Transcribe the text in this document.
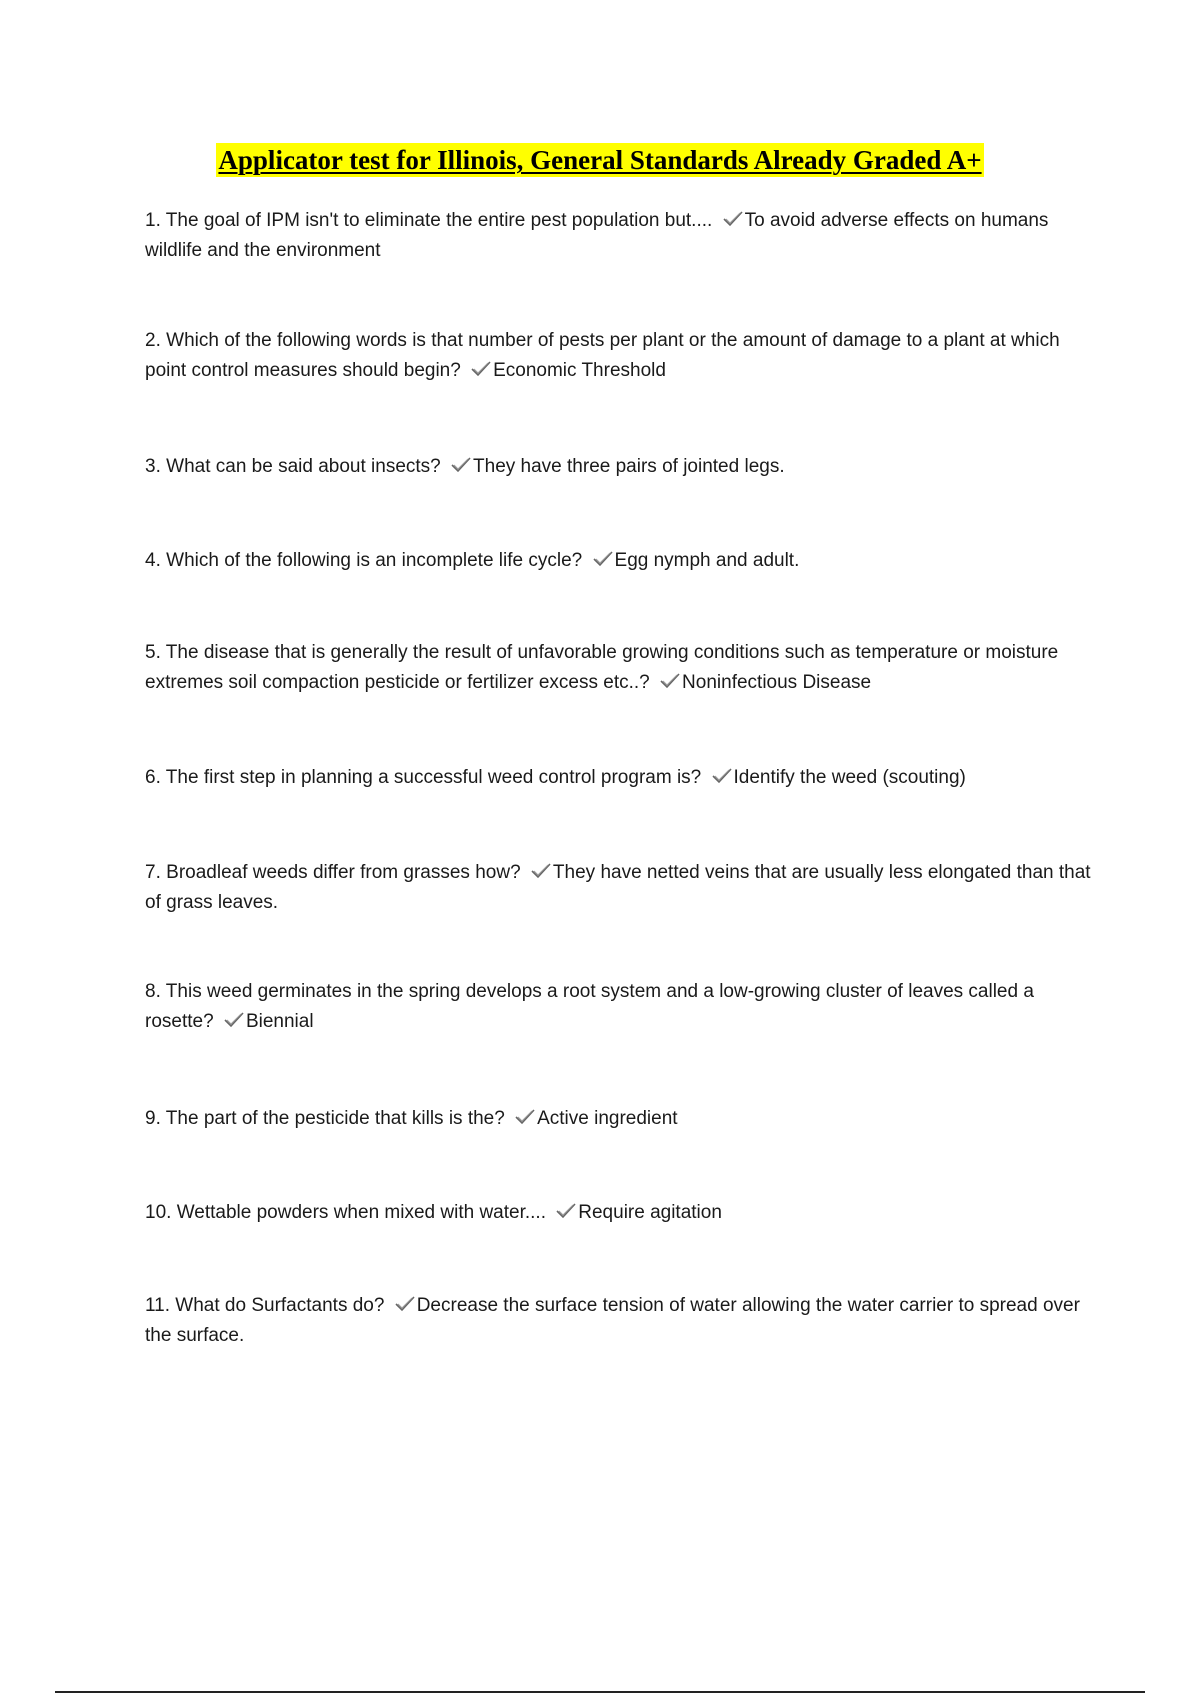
Applicator test for Illinois, General Standards Already Graded A+
1. The goal of IPM isn't to eliminate the entire pest population but.... To avoid adverse effects on humans wildlife and the environment
2. Which of the following words is that number of pests per plant or the amount of damage to a plant at which point control measures should begin? Economic Threshold
3. What can be said about insects? They have three pairs of jointed legs.
4. Which of the following is an incomplete life cycle? Egg nymph and adult.
5. The disease that is generally the result of unfavorable growing conditions such as temperature or moisture extremes soil compaction pesticide or fertilizer excess etc..? Noninfectious Disease
6. The first step in planning a successful weed control program is? Identify the weed (scouting)
7. Broadleaf weeds differ from grasses how? They have netted veins that are usually less elongated than that of grass leaves.
8. This weed germinates in the spring develops a root system and a low-growing cluster of leaves called a rosette? Biennial
9. The part of the pesticide that kills is the? Active ingredient
10. Wettable powders when mixed with water.... Require agitation
11. What do Surfactants do? Decrease the surface tension of water allowing the water carrier to spread over the surface.
